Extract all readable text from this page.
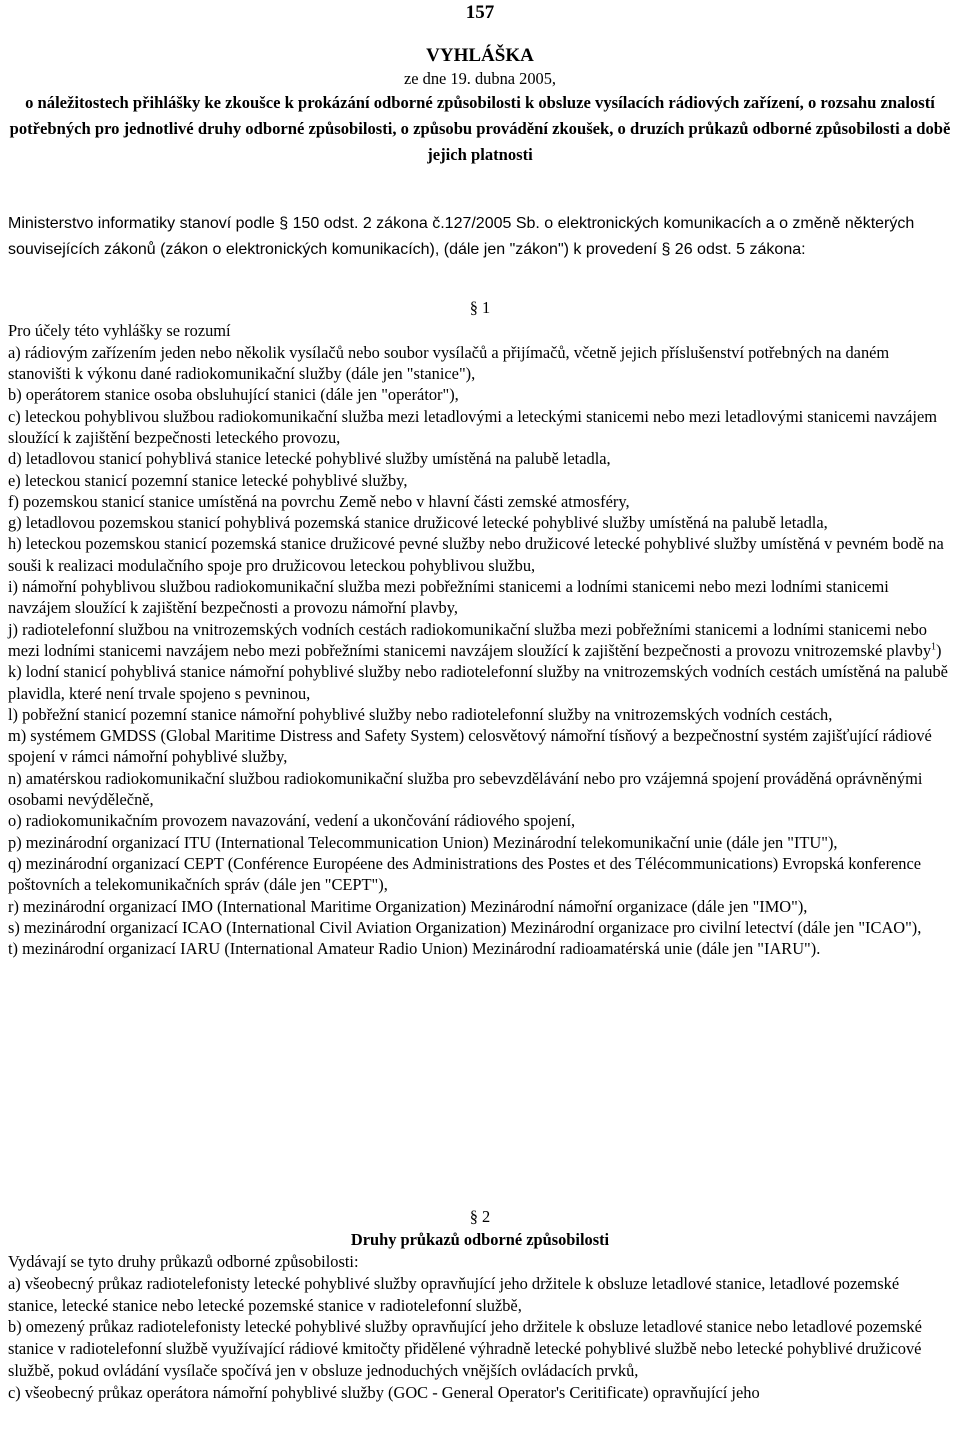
157
VYHLÁŠKA
ze dne 19. dubna 2005,
o náležitostech přihlášky ke zkoušce k prokázání odborné způsobilosti k obsluze vysílacích rádiových zařízení, o rozsahu znalostí potřebných pro jednotlivé druhy odborné způsobilosti, o způsobu provádění zkoušek, o druzích průkazů odborné způsobilosti a době jejich platnosti
Ministerstvo informatiky stanoví podle § 150 odst. 2 zákona č.127/2005 Sb. o elektronických komunikacích a o změně některých souvisejících zákonů (zákon o elektronických komunikacích), (dále jen "zákon") k provedení § 26 odst. 5 zákona:
§ 1
Pro účely této vyhlášky se rozumí
a) rádiovým zařízením jeden nebo několik vysílačů nebo soubor vysílačů a přijímačů, včetně jejich příslušenství potřebných na daném stanovišti k výkonu dané radiokomunikační služby (dále jen "stanice"),
b) operátorem stanice osoba obsluhující stanici (dále jen "operátor"),
c) leteckou pohyblivou službou radiokomunikační služba mezi letadlovými a leteckými stanicemi nebo mezi letadlovými stanicemi navzájem sloužící k zajištění bezpečnosti leteckého provozu,
d) letadlovou stanicí pohyblivá stanice letecké pohyblivé služby umístěná na palubě letadla,
e) leteckou stanicí pozemní stanice letecké pohyblivé služby,
f) pozemskou stanicí stanice umístěná na povrchu Země nebo v hlavní části zemské atmosféry,
g) letadlovou pozemskou stanicí pohyblivá pozemská stanice družicové letecké pohyblivé služby umístěná na palubě letadla,
h) leteckou pozemskou stanicí pozemská stanice družicové pevné služby nebo družicové letecké pohyblivé služby umístěná v pevném bodě na souši k realizaci modulačního spoje pro družicovou leteckou pohyblivou službu,
i) námořní pohyblivou službou radiokomunikační služba mezi pobřežními stanicemi a lodními stanicemi nebo mezi lodními stanicemi navzájem sloužící k zajištění bezpečnosti a provozu námořní plavby,
j) radiotelefonní službou na vnitrozemských vodních cestách radiokomunikační služba mezi pobřežními stanicemi a lodními stanicemi nebo mezi lodními stanicemi navzájem nebo mezi pobřežními stanicemi navzájem sloužící k zajištění bezpečnosti a provozu vnitrozemské plavby$^1$)
k) lodní stanicí pohyblivá stanice námořní pohyblivé služby nebo radiotelefonní služby na vnitrozemských vodních cestách umístěná na palubě plavidla, které není trvale spojeno s pevninou,
l) pobřežní stanicí pozemní stanice námořní pohyblivé služby nebo radiotelefonní služby na vnitrozemských vodních cestách,
m) systémem GMDSS (Global Maritime Distress and Safety System) celosvětový námořní tísňový a bezpečnostní systém zajišťující rádiové spojení v rámci námořní pohyblivé služby,
n) amatérskou radiokomunikační službou radiokomunikační služba pro sebevzdělávání nebo pro vzájemná spojení prováděná oprávněnými osobami nevýdělečně,
o) radiokomunikačním provozem navazování, vedení a ukončování rádiového spojení,
p) mezinárodní organizací ITU (International Telecommunication Union) Mezinárodní telekomunikační unie (dále jen "ITU"),
q) mezinárodní organizací CEPT (Conférence Européene des Administrations des Postes et des Télécommunications) Evropská konference poštovních a telekomunikačních správ (dále jen "CEPT"),
r) mezinárodní organizací IMO (International Maritime Organization) Mezinárodní námořní organizace (dále jen "IMO"),
s) mezinárodní organizací ICAO (International Civil Aviation Organization) Mezinárodní organizace pro civilní letectví (dále jen "ICAO"),
t) mezinárodní organizací IARU (International Amateur Radio Union) Mezinárodní radioamatérská unie (dále jen "IARU").
§ 2
Druhy průkazů odborné způsobilosti
Vydávají se tyto druhy průkazů odborné způsobilosti:
a) všeobecný průkaz radiotelefonisty letecké pohyblivé služby opravňující jeho držitele k obsluze letadlové stanice, letadlové pozemské stanice, letecké stanice nebo letecké pozemské stanice v radiotelefonní službě,
b) omezený průkaz radiotelefonisty letecké pohyblivé služby opravňující jeho držitele k obsluze letadlové stanice nebo letadlové pozemské stanice v radiotelefonní službě využívající rádiové kmitočty přidělené výhradně letecké pohyblivé službě nebo letecké pohyblivé družicové službě, pokud ovládání vysílače spočívá jen v obsluze jednoduchých vnějších ovládacích prvků,
c) všeobecný průkaz operátora námořní pohyblivé služby (GOC - General Operator's Ceritificate) opravňující jeho
